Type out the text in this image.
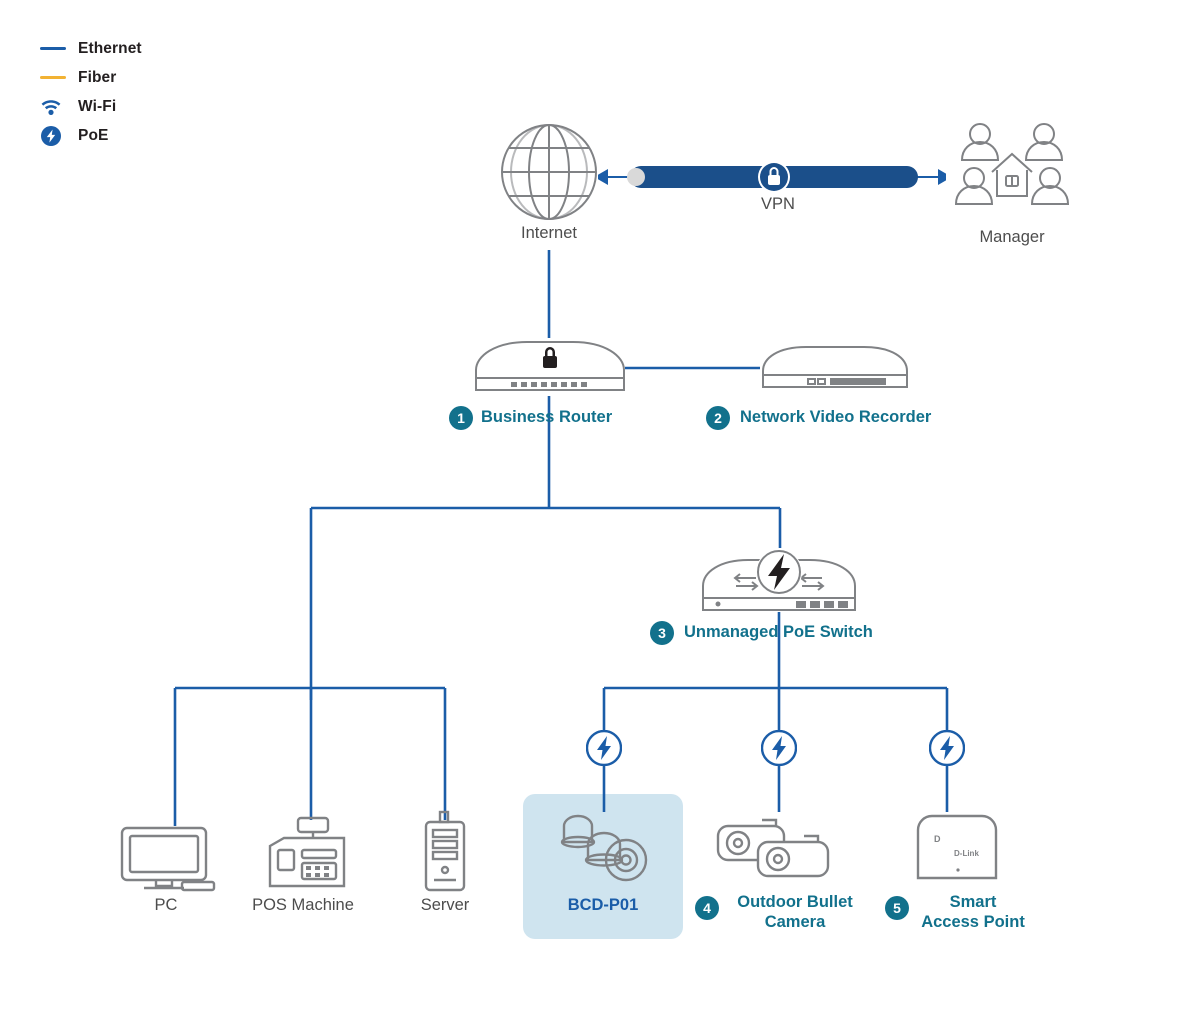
Ethernet
Fiber
Wi-Fi
PoE
Internet
VPN
Manager
1 Business Router	2	Network Video Recorder
3	Unmanaged PoE Switch
PC	POS Machine	Server	BCD-P01	4	Outdoor Bullet
Camera
D
D-Link
5	Smart
Access Point
